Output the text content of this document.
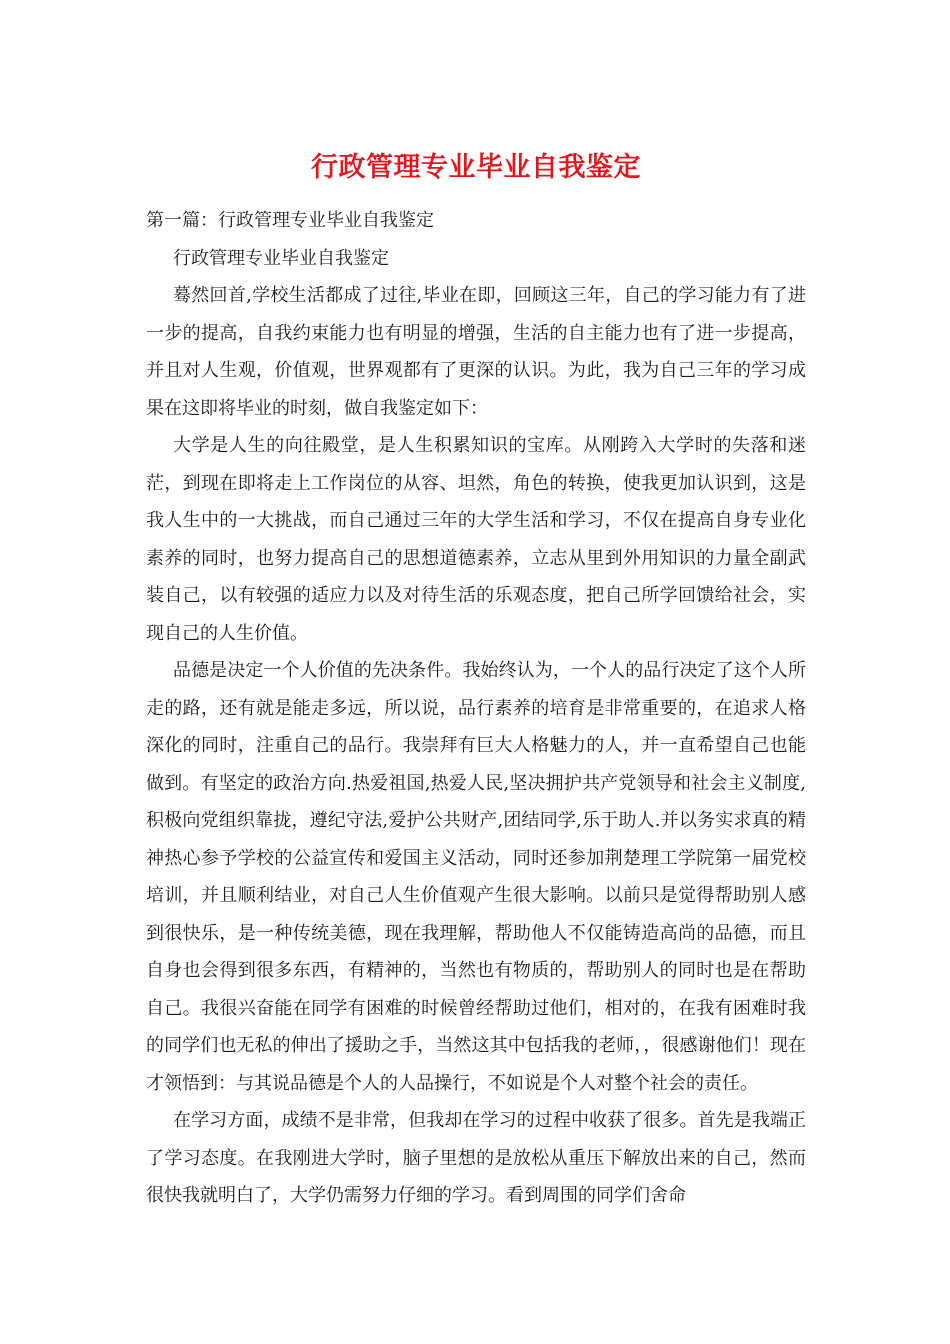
行政管理专业毕业自我鉴定
第一篇：行政管理专业毕业自我鉴定

行政管理专业毕业自我鉴定

蓦然回首,学校生活都成了过往,毕业在即，回顾这三年，自己的学习能力有了进一步的提高，自我约束能力也有明显的增强，生活的自主能力也有了进一步提高，并且对人生观，价值观，世界观都有了更深的认识。为此，我为自己三年的学习成果在这即将毕业的时刻，做自我鉴定如下：

大学是人生的向往殿堂，是人生积累知识的宝库。从刚跨入大学时的失落和迷茫，到现在即将走上工作岗位的从容、坦然，角色的转换，使我更加认识到，这是我人生中的一大挑战，而自己通过三年的大学生活和学习，不仅在提高自身专业化素养的同时，也努力提高自己的思想道德素养，立志从里到外用知识的力量全副武装自己，以有较强的适应力以及对待生活的乐观态度，把自己所学回馈给社会，实现自己的人生价值。

品德是决定一个人价值的先决条件。我始终认为，一个人的品行决定了这个人所走的路，还有就是能走多远，所以说，品行素养的培育是非常重要的，在追求人格深化的同时，注重自己的品行。我崇拜有巨大人格魅力的人，并一直希望自己也能做到。有坚定的政治方向.热爱祖国,热爱人民,坚决拥护共产党领导和社会主义制度,积极向党组织靠拢，遵纪守法,爱护公共财产,团结同学,乐于助人.并以务实求真的精神热心参予学校的公益宣传和爱国主义活动，同时还参加荆楚理工学院第一届党校培训，并且顺利结业，对自己人生价值观产生很大影响。以前只是觉得帮助别人感到很快乐，是一种传统美德，现在我理解，帮助他人不仅能铸造高尚的品德，而且自身也会得到很多东西，有精神的，当然也有物质的，帮助别人的同时也是在帮助自己。我很兴奋能在同学有困难的时候曾经帮助过他们，相对的，在我有困难时我的同学们也无私的伸出了援助之手，当然这其中包括我的老师，，很感谢他们！现在才领悟到：与其说品德是个人的人品操行，不如说是个人对整个社会的责任。

在学习方面，成绩不是非常，但我却在学习的过程中收获了很多。首先是我端正了学习态度。在我刚进大学时，脑子里想的是放松从重压下解放出来的自己，然而很快我就明白了，大学仍需努力仔细的学习。看到周围的同学们舍命
